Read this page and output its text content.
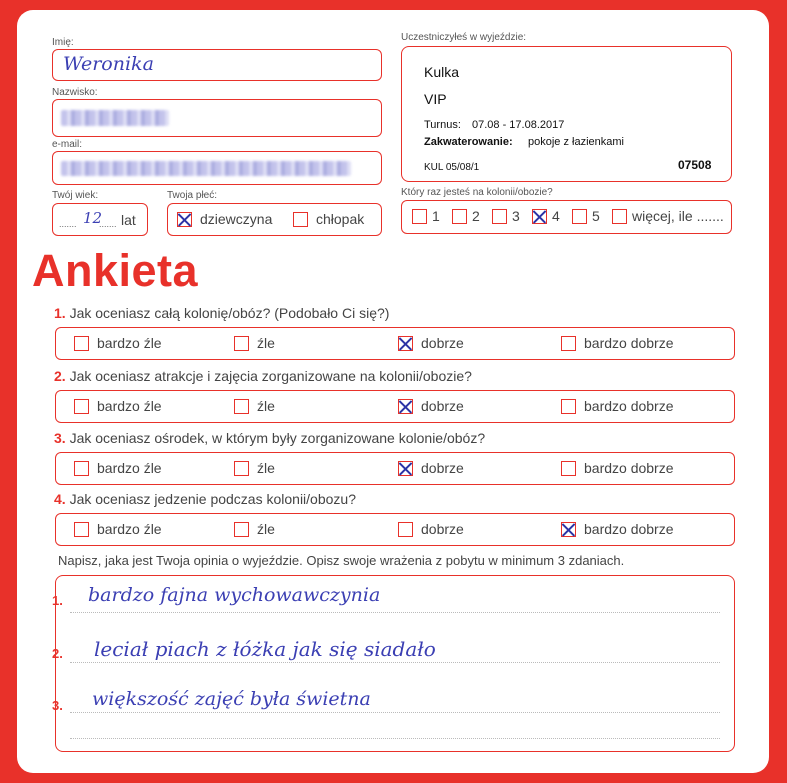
Imię:
Weronika
Nazwisko:
e-mail:
Twój wiek:
....... 12
....... lat
Twoja płeć:
dziewczyna	chłopak
Uczestniczyłeś w wyjeździe:
Kulka
VIP
Turnus: 07.08 - 17.08.2017
Zakwaterowanie: pokoje z łazienkami
KUL 05/08/1	07508
Który raz jesteś na kolonii/obozie?
1 2 3 4 5 więcej, ile .......
Ankieta
1. Jak oceniasz całą kolonię/obóz? (Podobało Ci się?)
bardzo źle	źle	dobrze	bardzo dobrze
2. Jak oceniasz atrakcje i zajęcia zorganizowane na kolonii/obozie?
bardzo źle	źle	dobrze	bardzo dobrze
3. Jak oceniasz ośrodek, w którym były zorganizowane kolonie/obóz?
bardzo źle	źle	dobrze	bardzo dobrze
4. Jak oceniasz jedzenie podczas kolonii/obozu?
bardzo źle	źle	dobrze	bardzo dobrze
Napisz, jaka jest Twoja opinia o wyjeździe. Opisz swoje wrażenia z pobytu w minimum 3 zdaniach.
1. bardzo fajna wychowawczynia
2. leciał piach z łóżka jak się siadało
3. większość zajęć była świetna
